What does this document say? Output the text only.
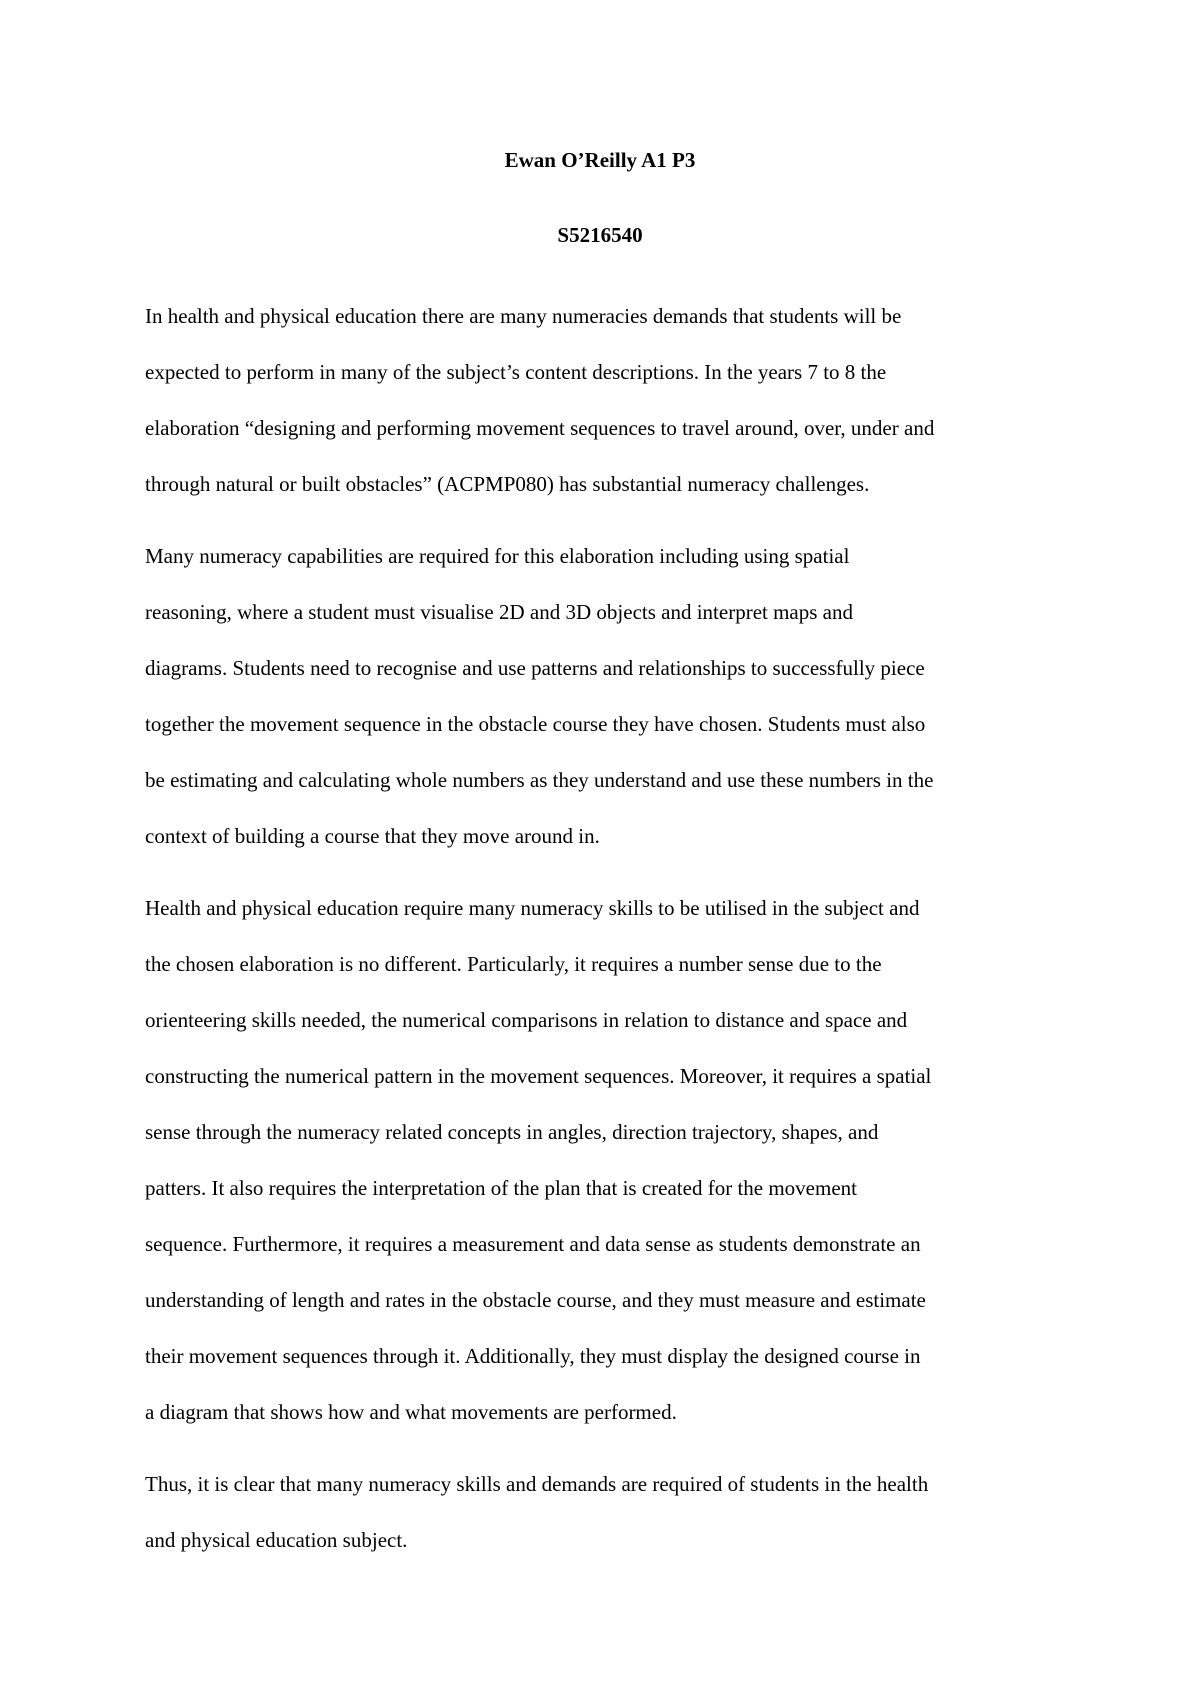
Ewan O’Reilly A1 P3
S5216540
In health and physical education there are many numeracies demands that students will be
expected to perform in many of the subject’s content descriptions. In the years 7 to 8 the
elaboration “designing and performing movement sequences to travel around, over, under and
through natural or built obstacles” (ACPMP080) has substantial numeracy challenges.
Many numeracy capabilities are required for this elaboration including using spatial
reasoning, where a student must visualise 2D and 3D objects and interpret maps and
diagrams. Students need to recognise and use patterns and relationships to successfully piece
together the movement sequence in the obstacle course they have chosen. Students must also
be estimating and calculating whole numbers as they understand and use these numbers in the
context of building a course that they move around in.
Health and physical education require many numeracy skills to be utilised in the subject and
the chosen elaboration is no different. Particularly, it requires a number sense due to the
orienteering skills needed, the numerical comparisons in relation to distance and space and
constructing the numerical pattern in the movement sequences. Moreover, it requires a spatial
sense through the numeracy related concepts in angles, direction trajectory, shapes, and
patters. It also requires the interpretation of the plan that is created for the movement
sequence. Furthermore, it requires a measurement and data sense as students demonstrate an
understanding of length and rates in the obstacle course, and they must measure and estimate
their movement sequences through it. Additionally, they must display the designed course in
a diagram that shows how and what movements are performed.
Thus, it is clear that many numeracy skills and demands are required of students in the health
and physical education subject.
